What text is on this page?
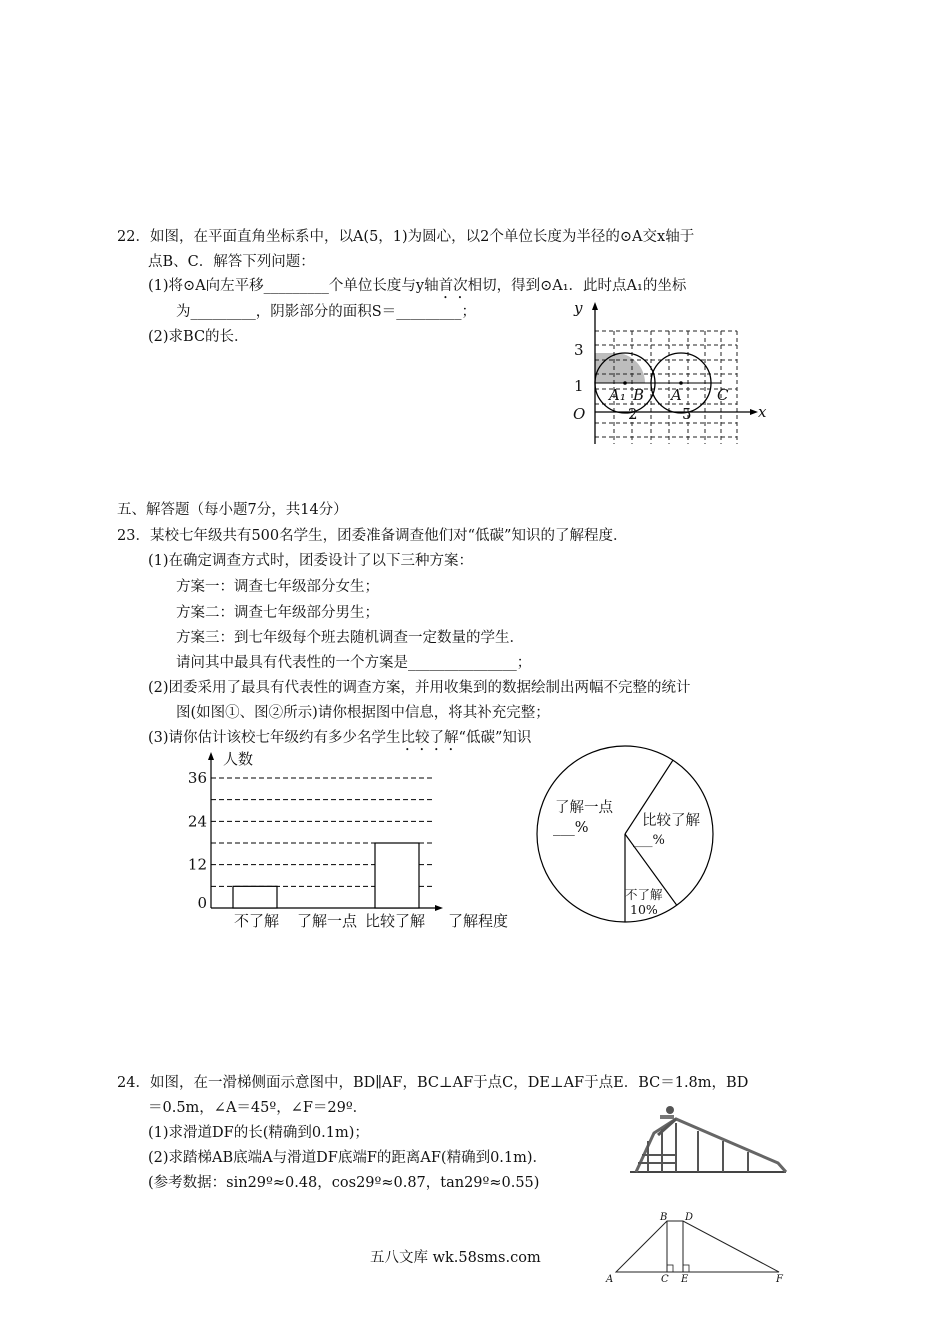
22．如图，在平面直角坐标系中，以A(5，1)为圆心，以2个单位长度为半径的⊙A交x轴于
点B、C．解答下列问题：
(1)将⊙A向左平移_________个单位长度与y轴首次相切，得到⊙A₁．此时点A₁的坐标
为_________，阴影部分的面积S＝_________；
(2)求BC的长．
y
x
O
3
1 A₁ B A C
2	5
五、解答题（每小题7分，共14分）
23．某校七年级共有500名学生，团委准备调查他们对“低碳”知识的了解程度．
(1)在确定调查方式时，团委设计了以下三种方案：
方案一：调查七年级部分女生；
方案二：调查七年级部分男生；
方案三：到七年级每个班去随机调查一定数量的学生．
请问其中最具有代表性的一个方案是_______________；
(2)团委采用了最具有代表性的调查方案，并用收集到的数据绘制出两幅不完整的统计
图(如图①、图②所示)请你根据图中信息，将其补充完整；
(3)请你估计该校七年级约有多少名学生比较了解“低碳”知识
0
12
24
36
人数
不了解 了解一点 比较了解 了解程度
了解一点
___%	比较了解
___%
不了解
10%
24．如图，在一滑梯侧面示意图中，BD∥AF，BC⊥AF于点C，DE⊥AF于点E．BC＝1.8m，BD
＝0.5m，∠A＝45º，∠F＝29º．
(1)求滑道DF的长(精确到0.1m)；
(2)求踏梯AB底端A与滑道DF底端F的距离AF(精确到0.1m)．
(参考数据：sin29º≈0.48，cos29º≈0.87，tan29º≈0.55)
B D
A	C E	F
五八文库 wk.58sms.com
